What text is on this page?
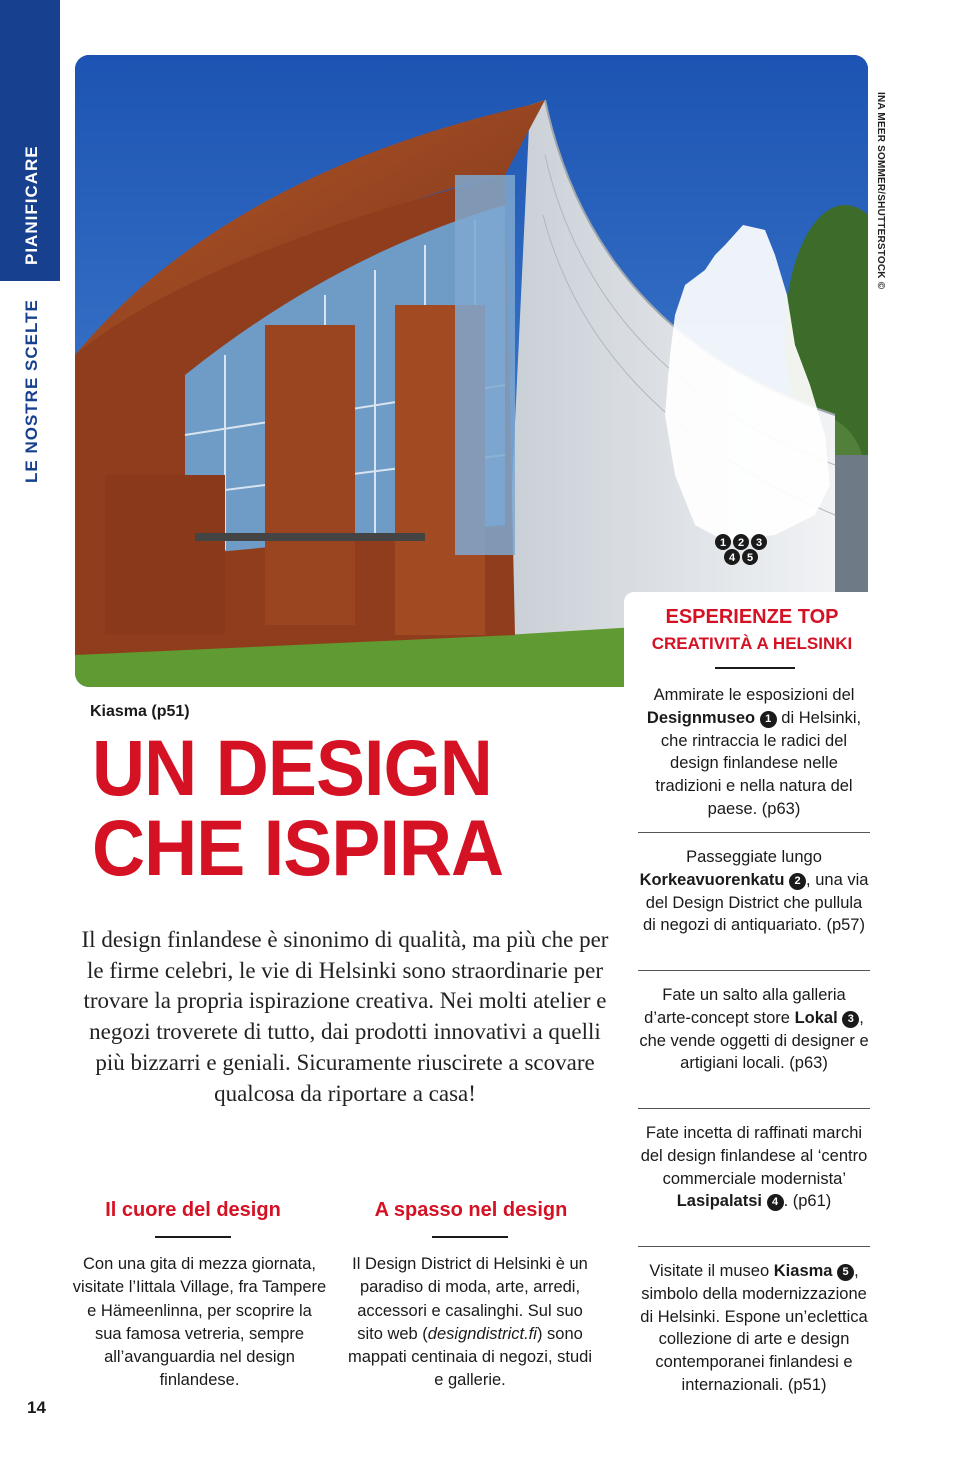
PIANIFICARE
LE NOSTRE SCELTE
1 2 3
4 5
INA MEER SOMMER/SHUTTERSTOCK ©
ESPERIENZE TOP
CREATIVITÀ A HELSINKI
Kiasma (p51)
UN DESIGN
CHE ISPIRA
Il design finlandese è sinonimo di qualità, ma più che per le firme celebri, le vie di Helsinki sono straordinarie per trovare la propria ispirazione creativa. Nei molti atelier e negozi troverete di tutto, dai prodotti innovativi a quelli più bizzarri e geniali. Sicuramente riuscirete a scovare qualcosa da riportare a casa!
Il cuore del design
Con una gita di mezza giornata, visitate l’Iittala Village, fra Tampere e Hämeenlinna, per scoprire la sua famosa vetreria, sempre all’avanguardia nel design finlandese.
A spasso nel design
Il Design District di Helsinki è un paradiso di moda, arte, arredi, accessori e casalinghi. Sul suo sito web (designdistrict.fi) sono mappati centinaia di negozi, studi e gallerie.
14
Ammirate le esposizioni del Designmuseo 1 di Helsinki, che rintraccia le radici del design finlandese nelle tradizioni e nella natura del paese. (p63)
Passeggiate lungo Korkeavuorenkatu 2 , una via del Design District che pullula di negozi di antiquariato. (p57)
Fate un salto alla galleria d’arte-concept store Lokal 3 , che vende oggetti di designer e artigiani locali. (p63)
Fate incetta di raffinati marchi del design finlandese al ‘centro commerciale modernista’ Lasipalatsi 4 . (p61)
Visitate il museo Kiasma 5 , simbolo della modernizzazione di Helsinki. Espone un’eclettica collezione di arte e design contemporanei finlandesi e internazionali. (p51)
